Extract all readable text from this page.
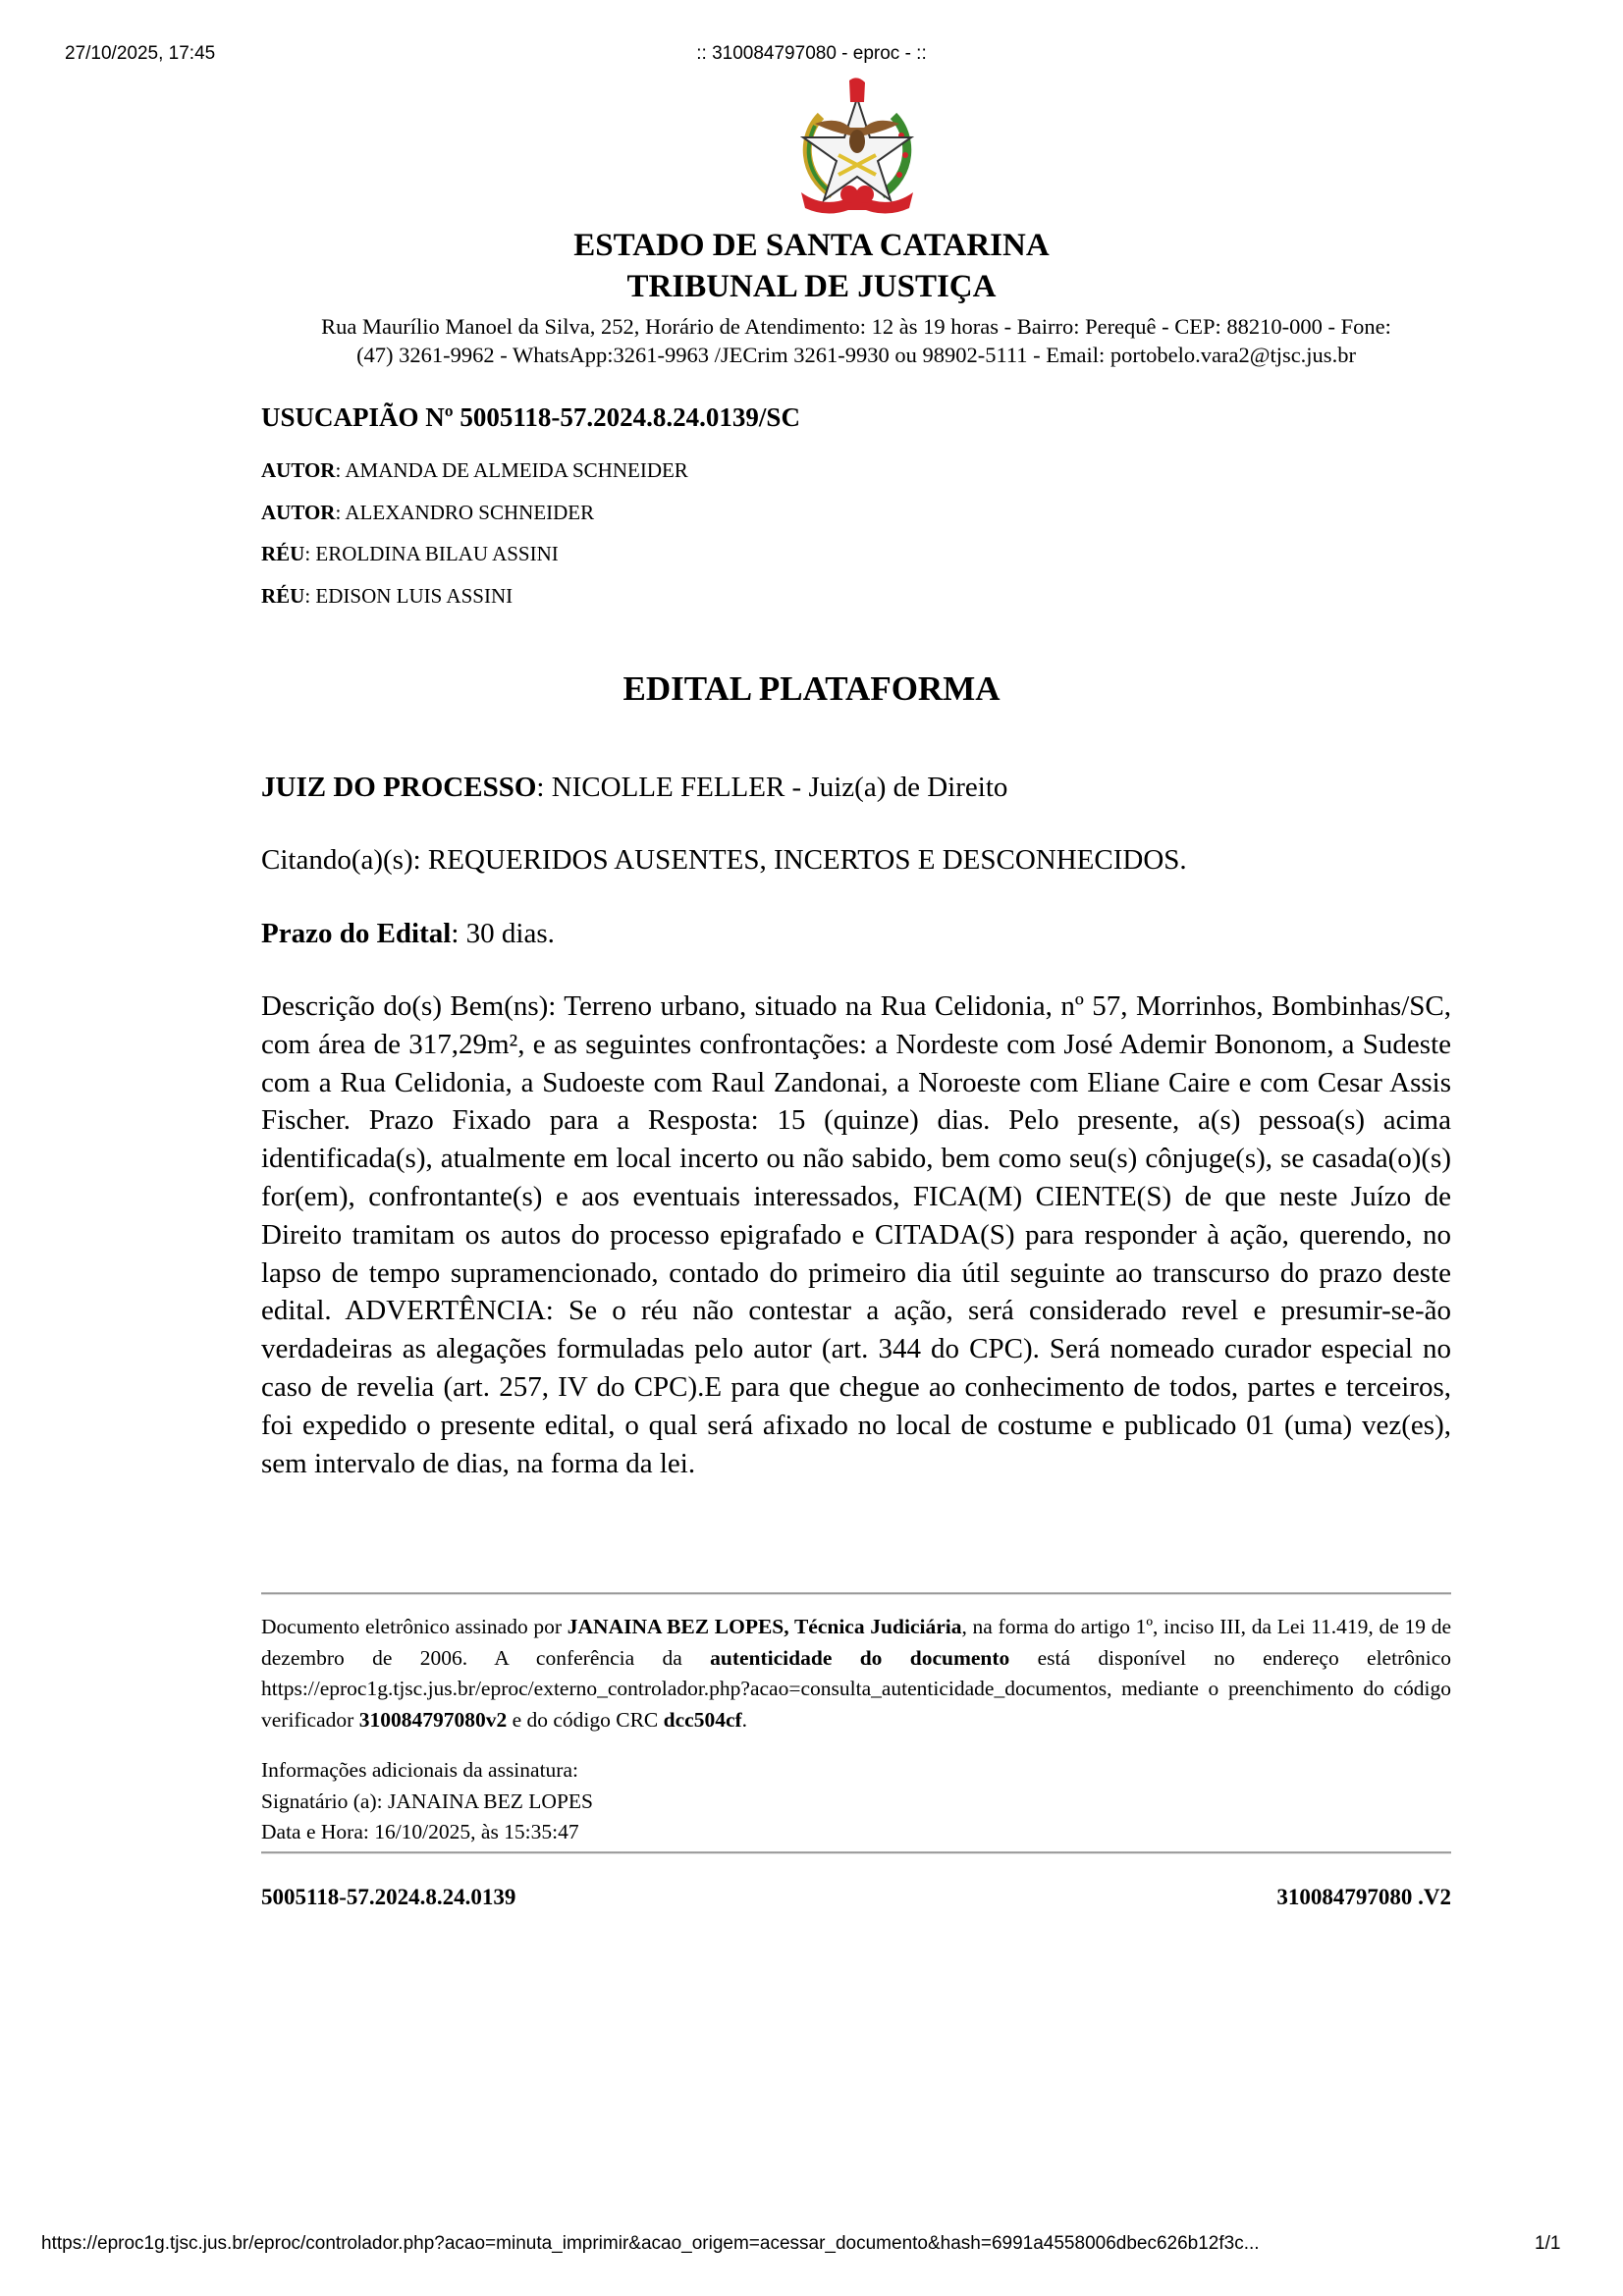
27/10/2025, 17:45	:: 310084797080 - eproc - ::
ESTADO DE SANTA CATARINA
TRIBUNAL DE JUSTIÇA
Rua Maurílio Manoel da Silva, 252, Horário de Atendimento: 12 às 19 horas - Bairro: Perequê - CEP: 88210-000 - Fone:
(47) 3261-9962 - WhatsApp:3261-9963 /JECrim 3261-9930 ou 98902-5111 - Email: portobelo.vara2@tjsc.jus.br
USUCAPIÃO Nº 5005118-57.2024.8.24.0139/SC
AUTOR: AMANDA DE ALMEIDA SCHNEIDER
AUTOR: ALEXANDRO SCHNEIDER
RÉU: EROLDINA BILAU ASSINI
RÉU: EDISON LUIS ASSINI
EDITAL PLATAFORMA
JUIZ DO PROCESSO: NICOLLE FELLER - Juiz(a) de Direito
Citando(a)(s): REQUERIDOS AUSENTES, INCERTOS E DESCONHECIDOS.
Prazo do Edital: 30 dias.
Descrição do(s) Bem(ns): Terreno urbano, situado na Rua Celidonia, nº 57, Morrinhos, Bombinhas/SC, com área de 317,29m², e as seguintes confrontações: a Nordeste com José Ademir Bononom, a Sudeste com a Rua Celidonia, a Sudoeste com Raul Zandonai, a Noroeste com Eliane Caire e com Cesar Assis Fischer. Prazo Fixado para a Resposta: 15 (quinze) dias. Pelo presente, a(s) pessoa(s) acima identificada(s), atualmente em local incerto ou não sabido, bem como seu(s) cônjuge(s), se casada(o)(s) for(em), confrontante(s) e aos eventuais interessados, FICA(M) CIENTE(S) de que neste Juízo de Direito tramitam os autos do processo epigrafado e CITADA(S) para responder à ação, querendo, no lapso de tempo supramencionado, contado do primeiro dia útil seguinte ao transcurso do prazo deste edital. ADVERTÊNCIA: Se o réu não contestar a ação, será considerado revel e presumir-se-ão verdadeiras as alegações formuladas pelo autor (art. 344 do CPC). Será nomeado curador especial no caso de revelia (art. 257, IV do CPC).E para que chegue ao conhecimento de todos, partes e terceiros, foi expedido o presente edital, o qual será afixado no local de costume e publicado 01 (uma) vez(es), sem intervalo de dias, na forma da lei.
Documento eletrônico assinado por JANAINA BEZ LOPES, Técnica Judiciária, na forma do artigo 1º, inciso III, da Lei 11.419, de 19 de dezembro de 2006. A conferência da autenticidade do documento está disponível no endereço eletrônico https://eproc1g.tjsc.jus.br/eproc/externo_controlador.php?acao=consulta_autenticidade_documentos, mediante o preenchimento do código verificador 310084797080v2 e do código CRC dcc504cf.
Informações adicionais da assinatura:
Signatário (a): JANAINA BEZ LOPES
Data e Hora: 16/10/2025, às 15:35:47
5005118-57.2024.8.24.0139	310084797080 .V2
https://eproc1g.tjsc.jus.br/eproc/controlador.php?acao=minuta_imprimir&acao_origem=acessar_documento&hash=6991a4558006dbec626b12f3c...	1/1
